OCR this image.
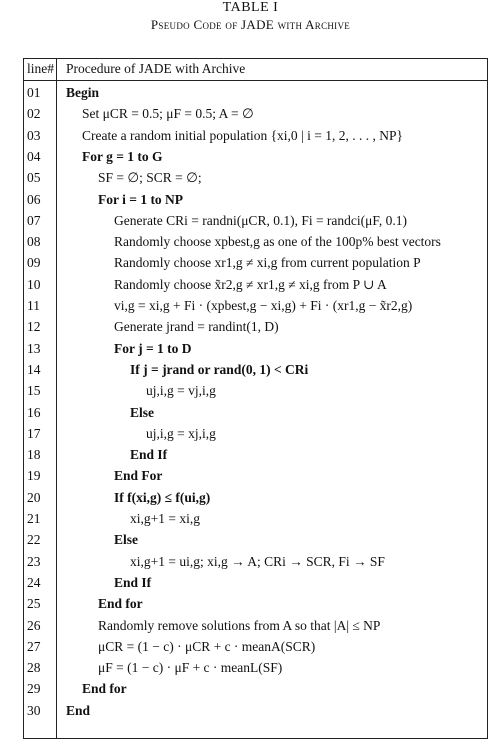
TABLE I
Pseudo Code of JADE with Archive
line# Procedure of JADE with Archive
01	Begin
02	Set μCR = 0.5; μF = 0.5; A = ∅
03	Create a random initial population {xi,0 | i = 1, 2, . . . , NP}
04	For g = 1 to G
05	SF = ∅; SCR = ∅;
06	For i = 1 to NP
07	Generate CRi = randni(μCR, 0.1), Fi = randci(μF, 0.1)
08	Randomly choose xpbest,g as one of the 100p% best vectors
09	Randomly choose xr1,g ≠ xi,g from current population P
10	Randomly choose x̃r2,g ≠ xr1,g ≠ xi,g from P ∪ A
11	vi,g = xi,g + Fi · (xpbest,g − xi,g) + Fi · (xr1,g − x̃r2,g)
12	Generate jrand = randint(1, D)
13	For j = 1 to D
14	If j = jrand or rand(0, 1) < CRi
15	uj,i,g = vj,i,g
16	Else
17	uj,i,g = xj,i,g
18	End If
19	End For
20	If f(xi,g) ≤ f(ui,g)
21	xi,g+1 = xi,g
22	Else
23	xi,g+1 = ui,g; xi,g → A; CRi → SCR, Fi → SF
24	End If
25	End for
26	Randomly remove solutions from A so that |A| ≤ NP
27	μCR = (1 − c) · μCR + c · meanA(SCR)
28	μF = (1 − c) · μF + c · meanL(SF)
29	End for
30	End
